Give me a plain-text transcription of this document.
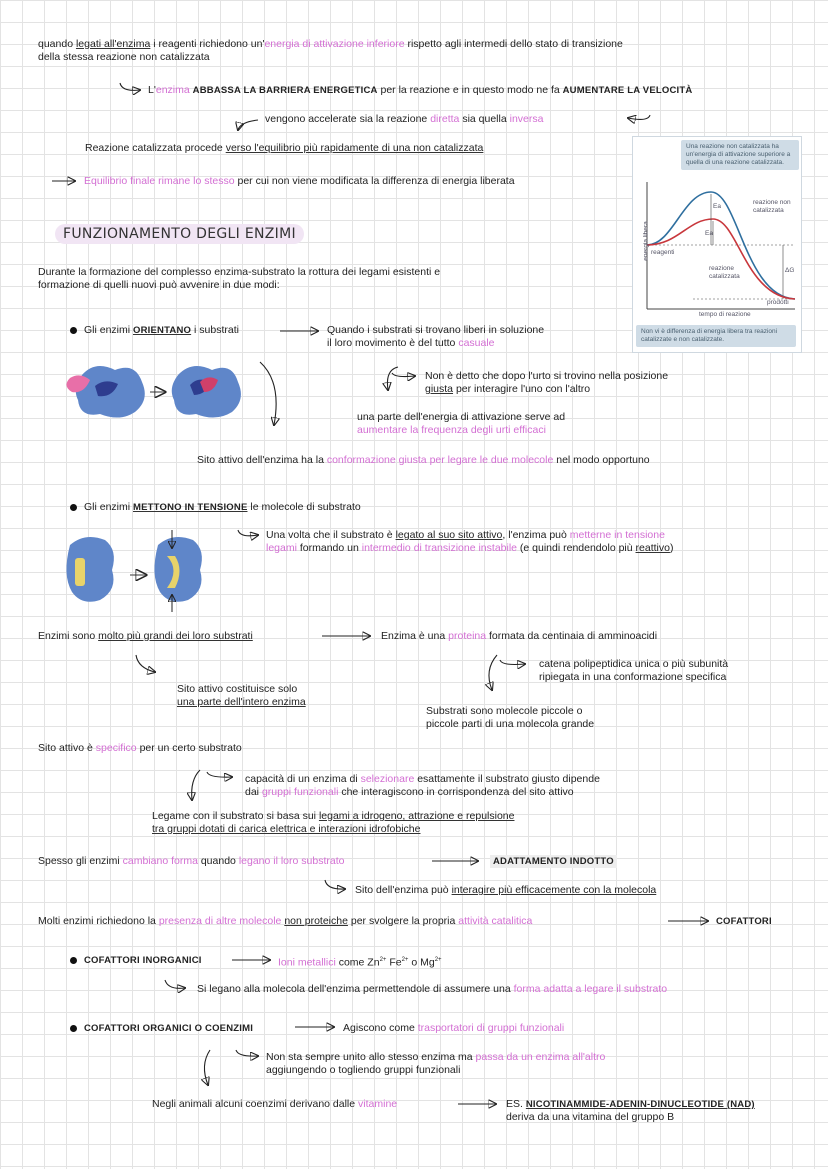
quando legati all'enzima i reagenti richiedono un'energia di attivazione inferiore rispetto agli intermedi dello stato di transizione
della stessa reazione non catalizzata
L'enzima ABBASSA LA BARRIERA ENERGETICA per la reazione e in questo modo ne fa AUMENTARE LA VELOCITÀ
vengono accelerate sia la reazione diretta sia quella inversa
Reazione catalizzata procede verso l'equilibrio più rapidamente di una non catalizzata
Equilibrio finale rimane lo stesso per cui non viene modificata la differenza di energia liberata
FUNZIONAMENTO DEGLI ENZIMI
Durante la formazione del complesso enzima-substrato la rottura dei legami esistenti e
formazione di quelli nuovi può avvenire in due modi:
Una reazione non catalizzata ha un'energia di attivazione superiore a quella di una reazione catalizzata.
energia libera reagenti
prodotti
tempo di reazione
reazione non catalizzata
reazione catalizzata
Ea
Ea
ΔG
Non vi è differenza di energia libera tra reazioni catalizzate e non catalizzate.
Gli enzimi ORIENTANO i substrati	Quando i substrati si trovano liberi in soluzione
il loro movimento è del tutto casuale
Non è detto che dopo l'urto si trovino nella posizione
giusta per interagire l'uno con l'altro
una parte dell'energia di attivazione serve ad
aumentare la frequenza degli urti efficaci
Sito attivo dell'enzima ha la conformazione giusta per legare le due molecole nel modo opportuno
Gli enzimi METTONO IN TENSIONE le molecole di substrato
Una volta che il substrato è legato al suo sito attivo, l'enzima può metterne in tensione
legami formando un intermedio di transizione instabile (e quindi rendendolo più reattivo)
Enzimi sono molto più grandi dei loro substrati	Enzima è una proteina formata da centinaia di amminoacidi
catena polipeptidica unica o più subunità
ripiegata in una conformazione specifica
Sito attivo costituisce solo
una parte dell'intero enzima
Substrati sono molecole piccole o
piccole parti di una molecola grande
Sito attivo è specifico per un certo substrato
capacità di un enzima di selezionare esattamente il substrato giusto dipende
dai gruppi funzionali che interagiscono in corrispondenza del sito attivo
Legame con il substrato si basa sui legami a idrogeno, attrazione e repulsione
tra gruppi dotati di carica elettrica e interazioni idrofobiche
Spesso gli enzimi cambiano forma quando legano il loro substrato	ADATTAMENTO INDOTTO
Sito dell'enzima può interagire più efficacemente con la molecola
Molti enzimi richiedono la presenza di altre molecole non proteiche per svolgere la propria attività catalitica	COFATTORI
COFATTORI INORGANICI	Ioni metallici come $Zn^{2+}$ $Fe^{2+}$ o $Mg^{2+}$
Si legano alla molecola dell'enzima permettendole di assumere una forma adatta a legare il substrato
COFATTORI ORGANICI O COENZIMI	Agiscono come trasportatori di gruppi funzionali
Non sta sempre unito allo stesso enzima ma passa da un enzima all'altro
aggiungendo o togliendo gruppi funzionali
Negli animali alcuni coenzimi derivano dalle vitamine	ES. NICOTINAMMIDE-ADENIN-DINUCLEOTIDE (NAD)
deriva da una vitamina del gruppo B
